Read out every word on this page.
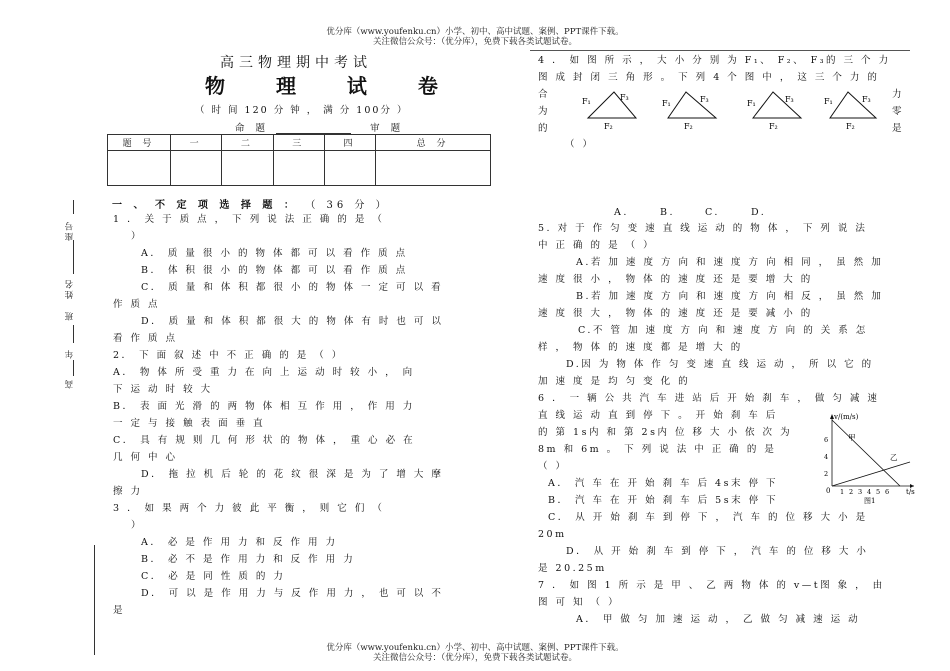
优分库（www.youfenku.cn）小学、初中、高中试题、案例、PPT课件下载。
关注微信公众号：（优分库），免费下载各类试题试卷。
优分库（www.youfenku.cn）小学、初中、高中试题、案例、PPT课件下载。
关注微信公众号：（优分库），免费下载各类试题试卷。
高三物理期中考试
物 理 试 卷
（ 时 间 120 分 钟 ， 满 分 100分 ）
命 题	审 题
题 号	一	二	三	四	总 分

座号
姓名
班
年
高
一 、 不 定 项 选 择 题 ： （ 36 分 ）
1 ． 关 于 质 点 ， 下 列 说 法 正 确 的 是 （
）
A． 质 量 很 小 的 物 体 都 可 以 看 作 质 点
B． 体 积 很 小 的 物 体 都 可 以 看 作 质 点
C． 质 量 和 体 积 都 很 小 的 物 体 一 定 可 以 看
作 质 点
D． 质 量 和 体 积 都 很 大 的 物 体 有 时 也 可 以
看 作 质 点
2． 下 面 叙 述 中 不 正 确 的 是 （ ）
A． 物 体 所 受 重 力 在 向 上 运 动 时 较 小 ， 向
下 运 动 时 较 大
B． 表 面 光 滑 的 两 物 体 相 互 作 用 ， 作 用 力
一 定 与 接 触 表 面 垂 直
C． 具 有 规 则 几 何 形 状 的 物 体 ， 重 心 必 在
几 何 中 心
D． 拖 拉 机 后 轮 的 花 纹 很 深 是 为 了 增 大 摩
擦 力
3 ． 如 果 两 个 力 彼 此 平 衡 ， 则 它 们 （
）
A． 必 是 作 用 力 和 反 作 用 力
B． 必 不 是 作 用 力 和 反 作 用 力
C． 必 是 同 性 质 的 力
D． 可 以 是 作 用 力 与 反 作 用 力 ， 也 可 以 不
是
4 ． 如 图 所 示 ， 大 小 分 别 为 F₁、 F₂、 F₃的 三 个 力
图 成 封 闭 三 角 形 。 下 列 4 个 图 中 ， 这 三 个 力 的
合
为
的
力
零
是
（ ）
F₁	F₃
F₂
F₁	F₃
F₂
F₁	F₃
F₂
F₁	F₃
F₂
A.	B.	C.	D.
5. 对 于 作 匀 变 速 直 线 运 动 的 物 体 ， 下 列 说 法
中 正 确 的 是 （ ）
A.若 加 速 度 方 向 和 速 度 方 向 相 同 ， 虽 然 加
速 度 很 小 ， 物 体 的 速 度 还 是 要 增 大 的
B.若 加 速 度 方 向 和 速 度 方 向 相 反 ， 虽 然 加
速 度 很 大 ， 物 体 的 速 度 还 是 要 减 小 的
C.不 管 加 速 度 方 向 和 速 度 方 向 的 关 系 怎
样 ， 物 体 的 速 度 都 是 增 大 的
D.因 为 物 体 作 匀 变 速 直 线 运 动 ， 所 以 它 的
加 速 度 是 均 匀 变 化 的
6 ． 一 辆 公 共 汽 车 进 站 后 开 始 刹 车 ， 做 匀 减 速
直 线 运 动 直 到 停 下 。 开 始 刹 车 后
的 第 1s内 和 第 2s内 位 移 大 小 依 次 为
8m 和 6m 。 下 列 说 法 中 正 确 的 是
（ ）
A． 汽 车 在 开 始 刹 车 后 4s末 停 下
B． 汽 车 在 开 始 刹 车 后 5s末 停 下
C． 从 开 始 刹 车 到 停 下 ， 汽 车 的 位 移 大 小 是
20m
D． 从 开 始 刹 车 到 停 下 ， 汽 车 的 位 移 大 小
是 20.25m
7 ． 如 图 1 所 示 是 甲 、 乙 两 物 体 的 v—t图 象 ， 由
图 可 知 （ ）
A． 甲 做 匀 加 速 运 动 ， 乙 做 匀 减 速 运 动
v/(m/s)
t/s
0
2
4
6
1 2 3 4 5 6
甲
乙
图1
